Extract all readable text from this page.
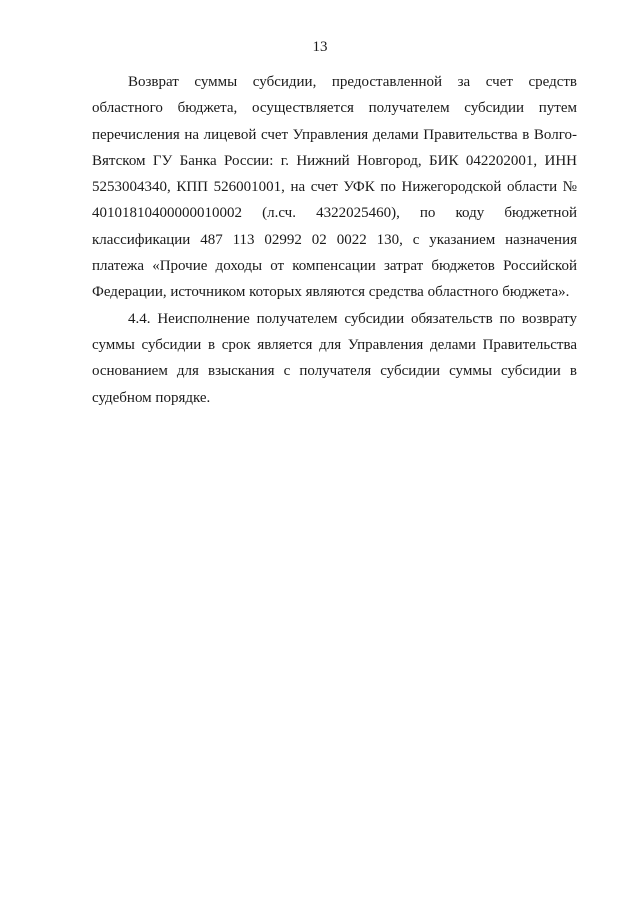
13

Возврат суммы субсидии, предоставленной за счет средств областного бюджета, осуществляется получателем субсидии путем перечисления на лицевой счет Управления делами Правительства в Волго-Вятском ГУ Банка России: г. Нижний Новгород, БИК 042202001, ИНН 5253004340, КПП 526001001, на счет УФК по Нижегородской области № 40101810400000010002 (л.сч. 4322025460), по коду бюджетной классификации 487 113 02992 02 0022 130, с указанием назначения платежа «Прочие доходы от компенсации затрат бюджетов Российской Федерации, источником которых являются средства областного бюджета».

4.4. Неисполнение получателем субсидии обязательств по возврату суммы субсидии в срок является для Управления делами Правительства основанием для взыскания с получателя субсидии суммы субсидии в судебном порядке.
